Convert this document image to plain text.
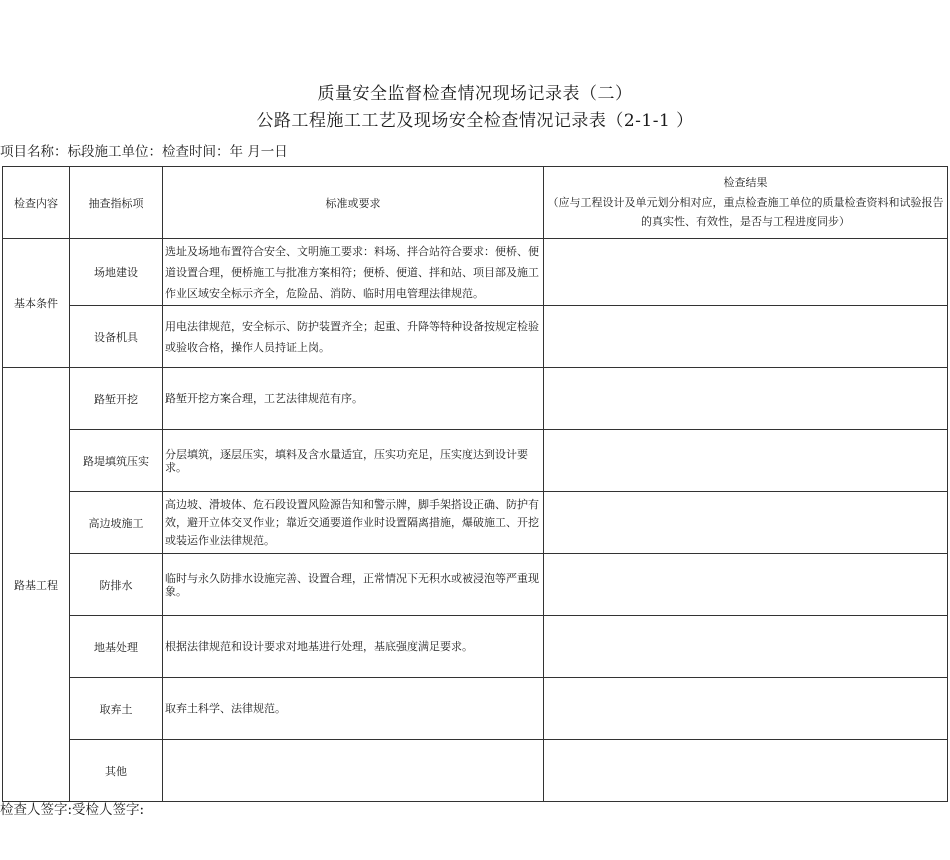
质量安全监督检查情况现场记录表（二）
公路工程施工工艺及现场安全检查情况记录表（2-1-1 ）
项目名称：标段施工单位：检查时间：年 月一日
检查内容	抽查指标项	标准或要求	检查结果
（应与工程设计及单元划分相对应，重点检查施工单位的质量检查资料和试验报告的真实性、有效性，是否与工程进度同步）

基本条件	场地建设	选址及场地布置符合安全、文明施工要求：料场、拌合站符合要求：便桥、便道设置合理，便桥施工与批准方案相符；便桥、便道、拌和站、项目部及施工作业区域安全标示齐全，危险品、消防、临时用电管理法律规范。	
	设备机具	用电法律规范，安全标示、防护装置齐全；起重、升降等特种设备按规定检验或验收合格，操作人员持证上岗。	
路基工程	路堑开挖	路堑开挖方案合理，工艺法律规范有序。	
	路堤填筑压实	分层填筑，逐层压实，填料及含水量适宜，压实功充足，压实度达到设计要求。	
	高边坡施工	高边坡、滑坡体、危石段设置风险源告知和警示牌，脚手架搭设正确、防护有效，避开立体交叉作业；靠近交通要道作业时设置隔离措施，爆破施工、开挖或装运作业法律规范。	
	防排水	临时与永久防排水设施完善、设置合理，正常情况下无积水或被浸泡等严重现象。	
	地基处理	根据法律规范和设计要求对地基进行处理，基底强度满足要求。	
	取弃土	取弃土科学、法律规范。	
	其他		
检查人签字:受检人签字:
